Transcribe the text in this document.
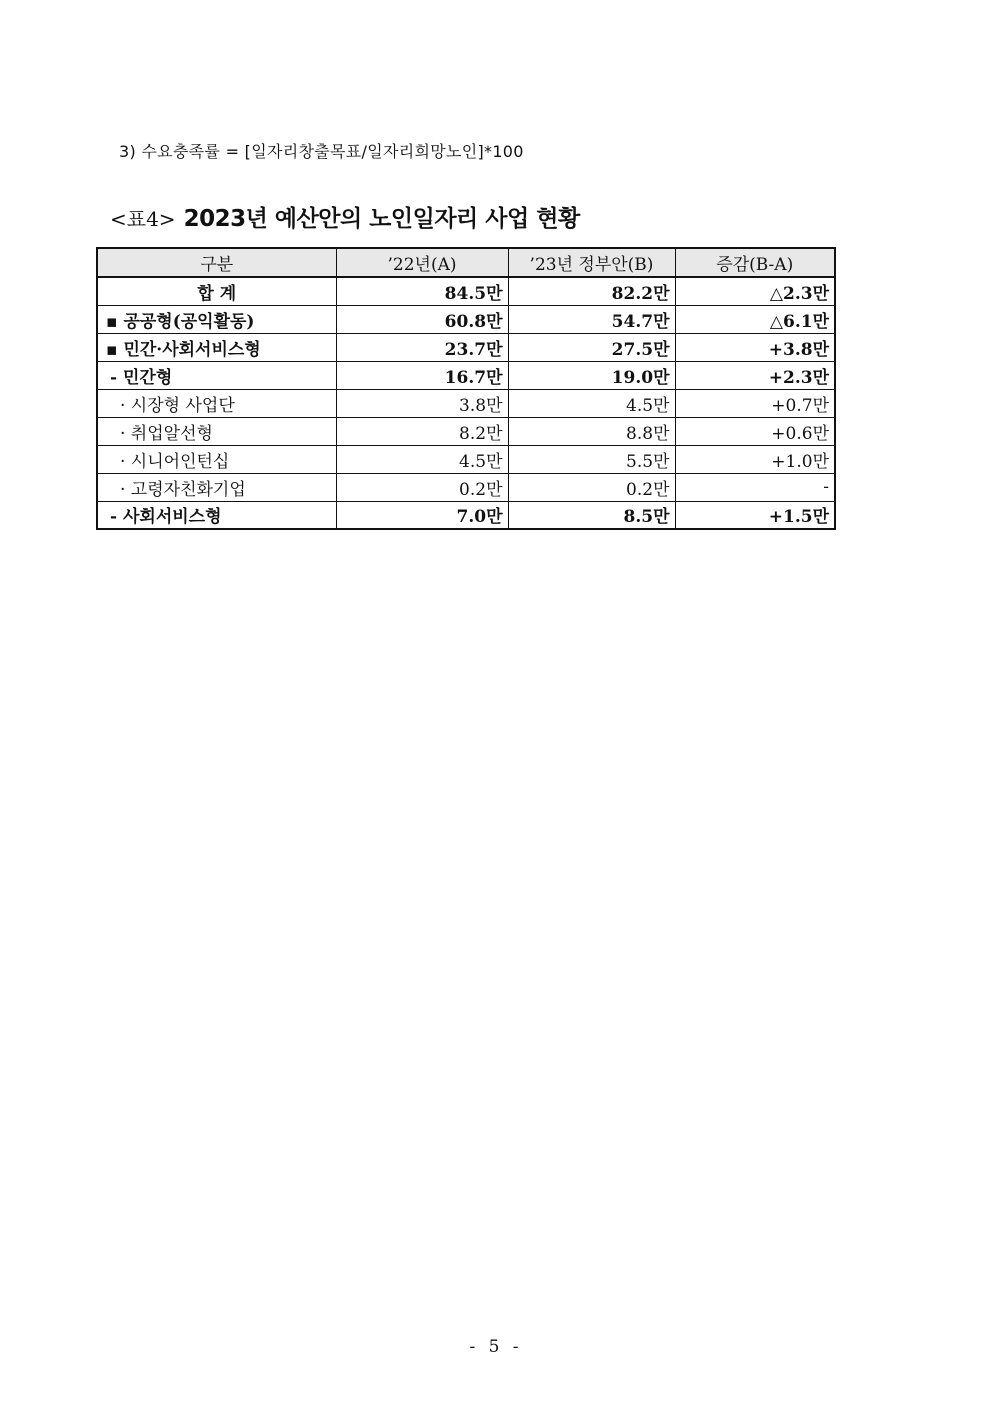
3) 수요충족률 = [일자리창출목표/일자리희망노인]*100
<표4> 2023년 예산안의 노인일자리 사업 현황
구분	’22년(A)	’23년 정부안(B)	증감(B-A)
합 계	84.5만	82.2만	△2.3만
▪ 공공형(공익활동)	60.8만	54.7만	△6.1만
▪ 민간·사회서비스형	23.7만	27.5만	+3.8만
- 민간형	16.7만	19.0만	+2.3만
· 시장형 사업단	3.8만	4.5만	+0.7만
· 취업알선형	8.2만	8.8만	+0.6만
· 시니어인턴십	4.5만	5.5만	+1.0만
· 고령자친화기업	0.2만	0.2만	-
- 사회서비스형	7.0만	8.5만	+1.5만
- 5 -
